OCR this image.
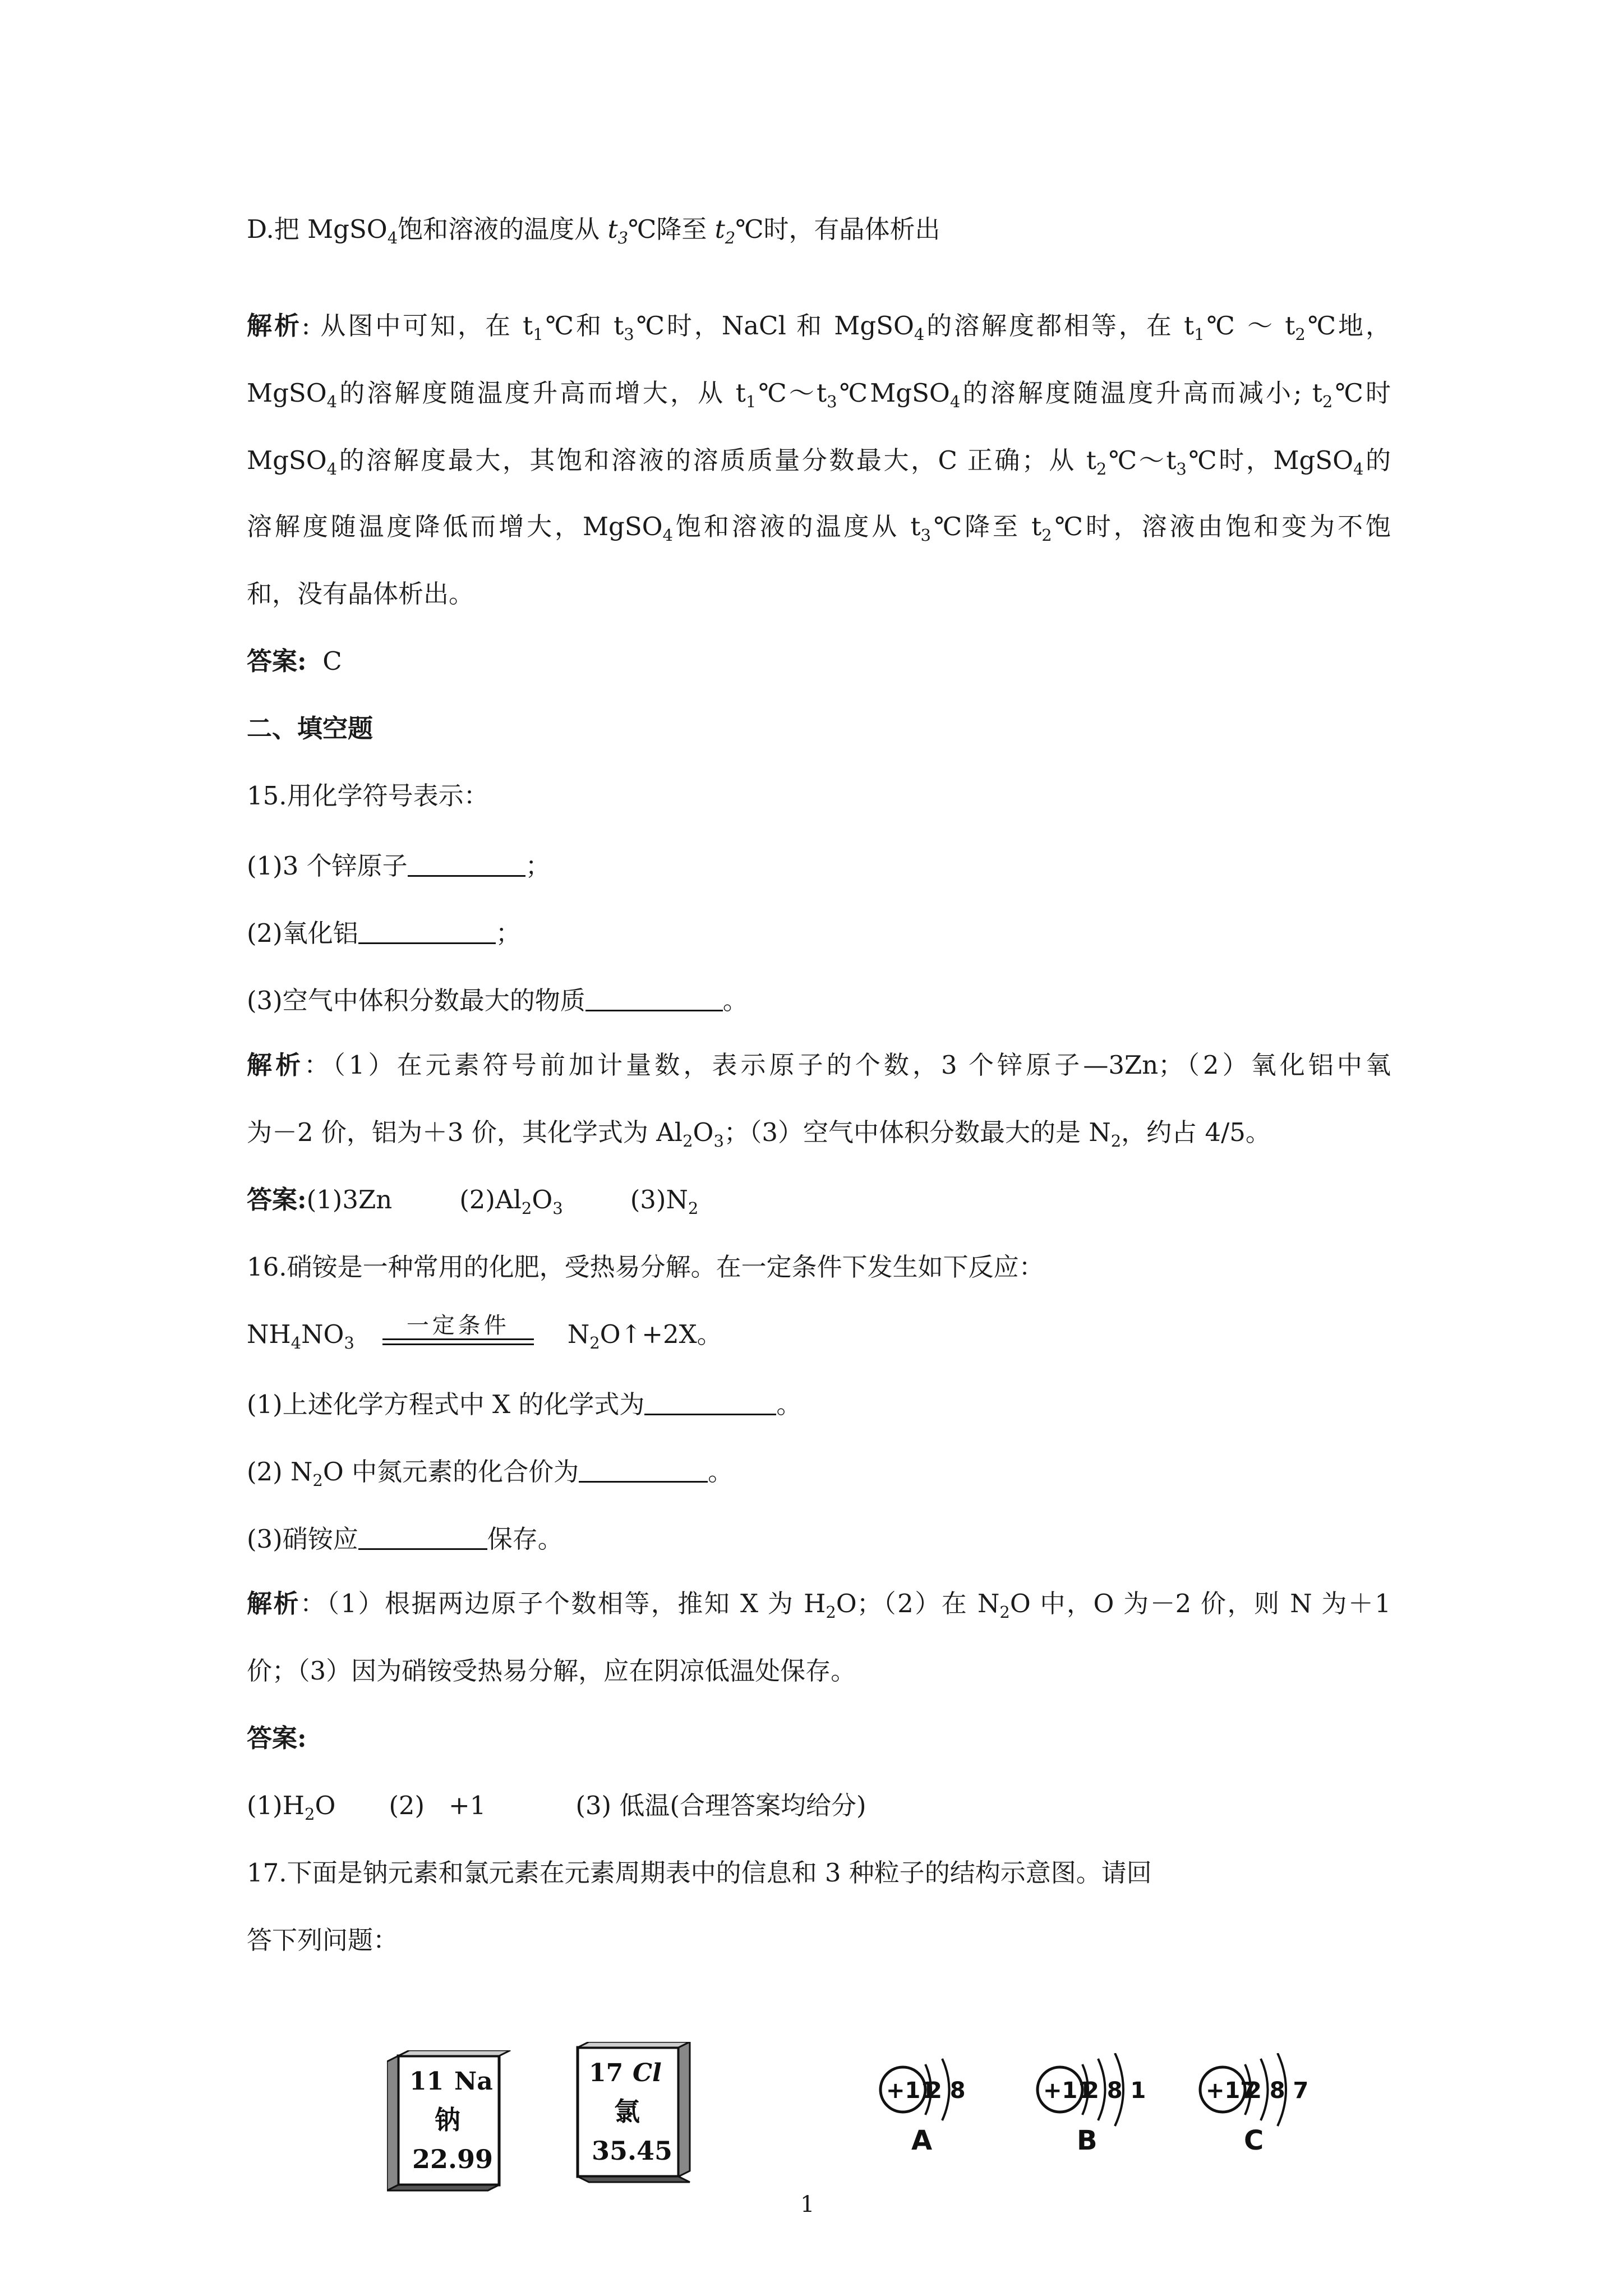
D.把 MgSO$_4$饱和溶液的温度从 $t_3℃$降至 $t_2℃$时，有晶体析出
解析: 从图中可知，在 $t_1℃$和 $t_3℃$时，NaCl 和 MgSO$_4$的溶解度都相等，在 $t_1℃$ ～ $t_2℃$地，
MgSO$_4$的溶解度随温度升高而增大，从 $t_1℃\sim t_3℃MgSO_4$的溶解度随温度升高而减小; $t_2℃$时
MgSO$_4$的溶解度最大，其饱和溶液的溶质质量分数最大，C 正确；从 $t_2℃\sim t_3℃$时，MgSO$_4$的
溶解度随温度降低而增大，MgSO$_4$饱和溶液的温度从 $t_3℃$降至 $t_2℃$时，溶液由饱和变为不饱
和，没有晶体析出。
答案: C
二、填空题
15.用化学符号表示：
(1)3 个锌原子	；
(2)氧化铝	；
(3)空气中体积分数最大的物质	。
解析：（1）在元素符号前加计量数，表示原子的个数，3 个锌原子—3Zn；（2）氧化铝中氧
为－2 价，铝为＋3 价，其化学式为 $Al_2O_3$；（3）空气中体积分数最大的是 $N_2$，约占 4/5。
答案:(1)3Zn	$(2)Al_2O_3$	$(3)N_2$
16.硝铵是一种常用的化肥，受热易分解。在一定条件下发生如下反应：
$NH_4NO_3$
一定条件	$N_2O↑+2X$。
(1)上述化学方程式中 X 的化学式为	。
(2) $N_2O$ 中氮元素的化合价为	。
(3)硝铵应	保存。
解析：（1）根据两边原子个数相等，推知 X 为 $H_2O$；（2）在 $N_2O$ 中，O 为－2 价，则 N 为＋1
价；（3）因为硝铵受热易分解，应在阴凉低温处保存。
答案:
$(1)H_2O$ (2)   +1	(3) 低温(合理答案均给分)
17.下面是钠元素和氯元素在元素周期表中的信息和 3 种粒子的结构示意图。请回
答下列问题：
11 Na
钠
22.99
17 Cl
氯
35.45
+11
2 8
A
+11
2 8 1
B
+17
2 8 7
C
1
